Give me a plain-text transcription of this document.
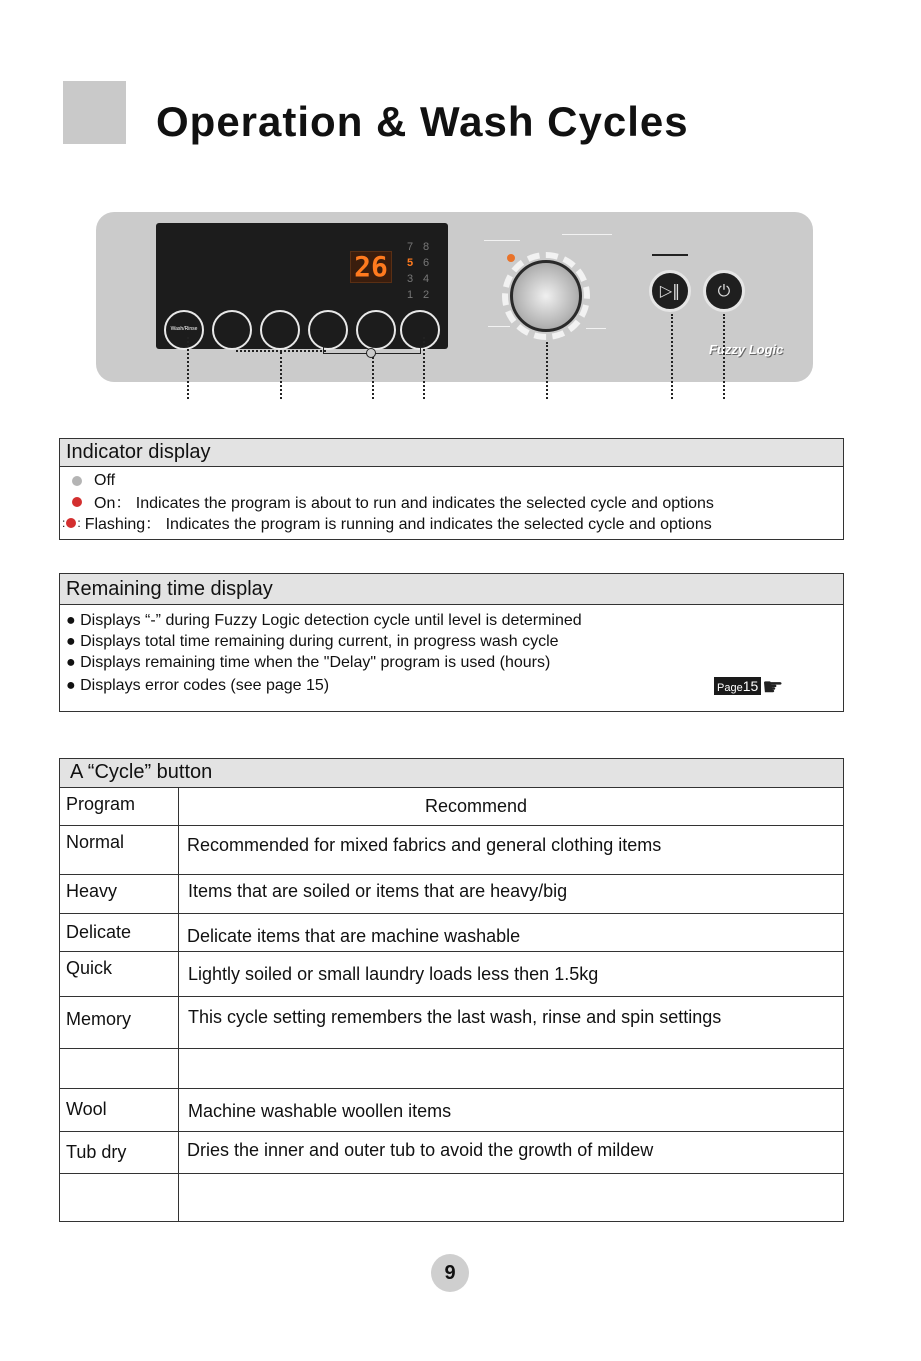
Operation & Wash Cycles
26
7 8
5 6
3 4
1 2
Wash/Rinse
▷‖	⏻
Fuzzy Logic
Indicator display
Off
On： Indicates the program is about to run and indicates the selected cycle and options
: : Flashing： Indicates the program is running and indicates the selected cycle and options
Remaining time display
● Displays “-” during Fuzzy Logic detection cycle until level is determined
● Displays total time remaining during current, in progress wash cycle
● Displays remaining time when the "Delay" program is used (hours)
● Displays error codes (see page 15)	Page15 ☛
A “Cycle” button	
Program	Recommend
Normal	Recommended for mixed fabrics and general clothing items
Heavy	Items that are soiled or items that are heavy/big
Delicate	Delicate items that are machine washable
Quick	Lightly soiled or small laundry loads less then 1.5kg
Memory	This cycle setting remembers the last wash, rinse and spin settings

Wool	Machine washable woollen items
Tub dry	Dries the inner and outer tub to avoid the growth of mildew

9
